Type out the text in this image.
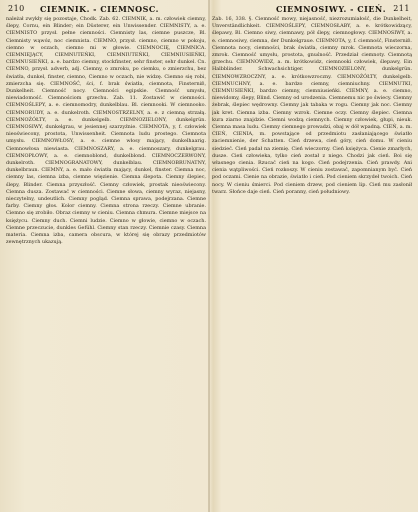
210 CIEMNIK. - CIEMNOSC.	CIEMNOSIWY. - CIEŃ. 211

należał zwykły się pozostaje, Chodk. Zab. 62. CIEMNIK, a. m. człowiek ciemny, ślepy, Cornu, ein Blinder; ein Düsterer, ein Unwissender. CIEMNISTY, a. e. CIEMNISTO przysł. pełne ciemności. Ciemnisty las, ciemne puszcze, Bl. Ciemnisty wąwóz, noc ciemnista. CIEMNO, przysł. ciemno, ciemno w pokoju, ciemno w oczach, ciemno mi w głowie. CIEMNOCIĘ, CIEMNICA. CIEMNIEJĄCY, CIEMNUTEŃKI, CIEMNIUTEŃKI, CIEMNIUSIEŃKI, CIEMNUSIEŃKI, a. e. bardzo ciemny, stockfinster, sehr finster, sehr dunkel. Cn. CIEMNO, przysł. adverb, adj. Ciemny, o zmroku, po ciemku, o zmierzchu, bez światła, dunkel, finster, ciemno, Ciemno w oczach, nie widzę. Ciemno się robi, zmierzcha się. CIEMNOŚĆ, ści, f. brak światła, ciemnota, Finsterniß, Dunkelheit. Ciemność nocy. Ciemności egipskie. Ciemność umysłu, niewiadomość. Ciemnościom grzechu. Zab. 11. Zostawić w ciemności. CIEMNOŚLEPY, a. e. ciemnomodry, dunkelblau. Bl. ciemnooki. W ciemnooko. CIEMNORUDY, a. e. dunkelroth. CIEMNOSTRZELNY, a. e. z ciemną strzałą. CIEMNOŻÓŁTY, a. e. dunkelgelb. CIEMNOZIELONY, dunkelgrün. CIEMNOSIWY, dunkelgrau, w jesiennej szarzyźnie. CIEMNOTA, y, f. człowiek nieoświecony, prostota, Unwissenheit. Ciemnota ludu prostego. Ciemnota umysłu. CIEMNOWŁOSY, a. e. ciemne włosy mający, dunkelhaarig. Ciemnowłosa niewiasta. CIEMNOSZARY, a. e. ciemnoszary, dunkelgrau. CIEMNOPŁOWY, a. e. ciemnoblond, dunkelblond. CIEMNOCZERWONY, dunkelroth. CIEMNOGRANATOWY, dunkelblau. CIEMNOBRUNATNY, dunkelbraun. CIEMNY, a. e. mało światła mający, dunkel, finster. Ciemna noc, ciemny las, ciemna izba, ciemne więzienie. Ciemna ślepota. Ciemny ślepiec, ślepy, Blinder. Ciemna przyszłość. Ciemny człowiek, prostak nieoświecony. Ciemna dusza. Zostawać w ciemności. Ciemne słowa, ciemny wyraz, niejasny, nieczytelny, undeutlich. Ciemny pogląd. Ciemna sprawa, podejrzana. Ciemne farby. Ciemny głos. Kolor ciemny. Ciemna strona rzeczy. Ciemne ubranie. Ciemno się zrobiło. Obraz ciemny w cieniu. Ciemna chmura. Ciemne miejsce na księżycu. Ciemny duch. Ciemni ludzie. Ciemno w głowie, ciemno w oczach. Ciemne przeczucie, dunkles Gefühl. Ciemny stan rzeczy. Ciemnie czasy. Ciemna materia. Ciemna izba, camera obscura, w której się obrazy przedmiotów zewnętrznych ukazują.

Zab. 16, 338. §. Ciemność mowy, niejasność, niezrozumiałość, die Dunkelheit, Unverständlichkeit. CIEMNOŚLEPY, CIEMNOSŁABY, a. e. krótkowidzący, ślepawy, Bl. Ciemno siwy, ciemnawy, pół ślepy, ciemnogłowy. CIEMNOSIWY, a. e. ciemnosiwy, ciemna, der Dunkelgraue. CIEMNOTA, y, f. ciemność, Finsterniß. Ciemnota nocy, ciemności, brak światła, ciemny mrok. Ciemnota wieczorna, zmrok. Ciemność umysłu, prostota, gnuśność. Przedział ciemnoty. Ciemnotą grzechu. CIEMNOWIDZ, a. m. krótkowidz, ciemnooki człowiek, ślepawy, Ein Halbblinder. Schwachsichtiger. CIEMNOZIELONY, dunkelgrün. CIEMNOWZROCZNY, a. e. krótkowzroczny. CIEMNOŻÓŁTY, dunkelgelb. CIEMNUCHNY, a. e. bardzo ciemny, ciemniuchny. CIEMNUTKI, CIEMNUSIEŃKI, bardzo ciemny, ciemniusieńki. CIEMNY, a. e. ciemno, niewidomy, ślepy, Blind. Ciemny od urodzenia. Ciemnemu nic po świecy. Ciemny żebrak, ślepiec wędrowny. Ciemny jak tabaka w rogu. Ciemny jak noc. Ciemny jak kret. Ciemna izba. Ciemny wzrok. Ciemne oczy. Ciemny ślepiec. Ciemna kura ziarno znajdzie. Ciemni wodzą ciemnych. Ciemny człowiek, głupi, nieuk. Ciemna masa ludu. Ciemny ciemnego prowadzi, obaj w dół wpadną. CIEŃ, a. m. CIEŃ, CIENIA, m. powstające od przedmiotu zasłaniającego światło zaciemnienie, der Schatten. Cień drzewa, cień góry, cień domu. W cieniu siedzieć. Cień padał na ziemię. Cień wieczorny. Cień księżyca. Cienie zmarłych, dusze. Cień człowieka, tylko cień został z niego. Chodzi jak cień. Boi się własnego cienia. Rzucać cień na kogo. Cień podejrzenia. Cień prawdy. Ani cienia wątpliwości. Cień rozkoszy. W cieniu zostawać, zapomnianym być. Cień pod oczami. Cienie na obrazie, światło i cień. Pod cieniem skrzydeł twoich. Cień nocy. W cieniu śmierci. Pod cieniem drzew, pod cieniem lip. Cień mu zasłonił twarz. Słońce daje cień. Cień poranny, cień południowy.
